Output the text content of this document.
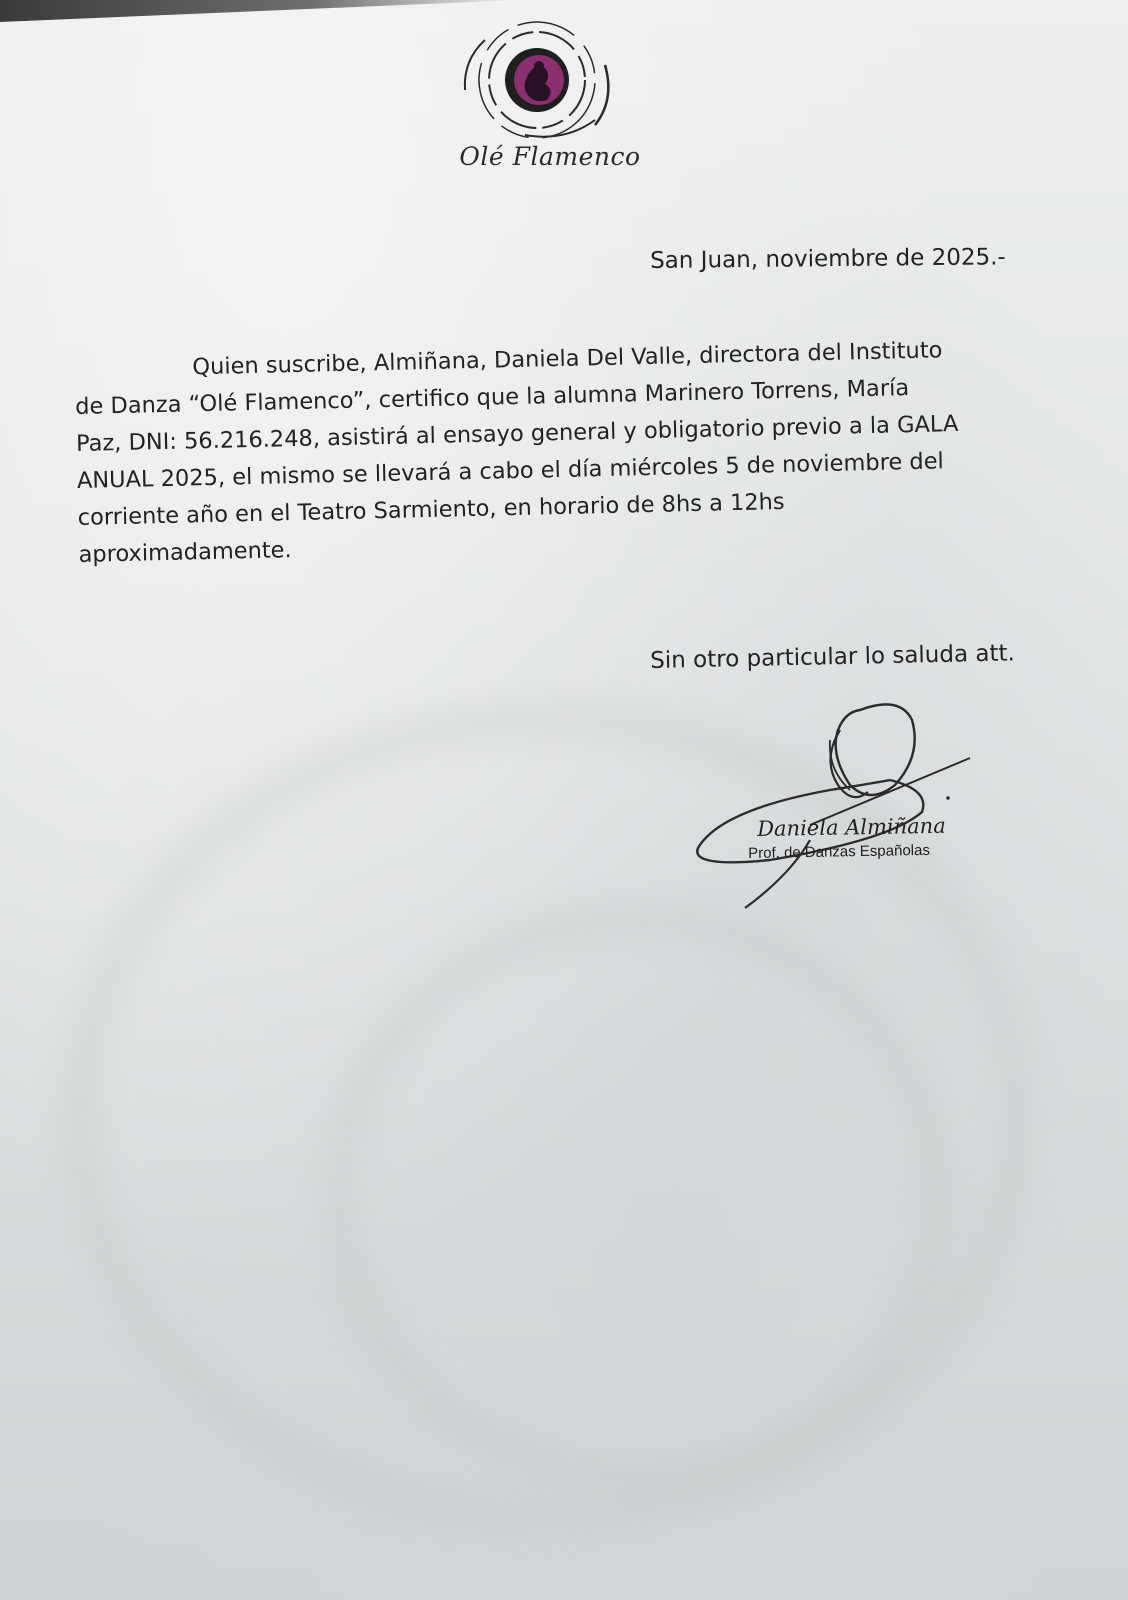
Olé Flamenco
San Juan, noviembre de 2025.-
Quien suscribe, Almiñana, Daniela Del Valle, directora del Instituto
de Danza “Olé Flamenco”, certifico que la alumna Marinero Torrens, María
Paz, DNI: 56.216.248, asistirá al ensayo general y obligatorio previo a la GALA
ANUAL 2025, el mismo se llevará a cabo el día miércoles 5 de noviembre del
corriente año en el Teatro Sarmiento, en horario de 8hs a 12hs
aproximadamente.
Sin otro particular lo saluda att.
Daniela Almiñana
Prof. de Danzas Españolas
